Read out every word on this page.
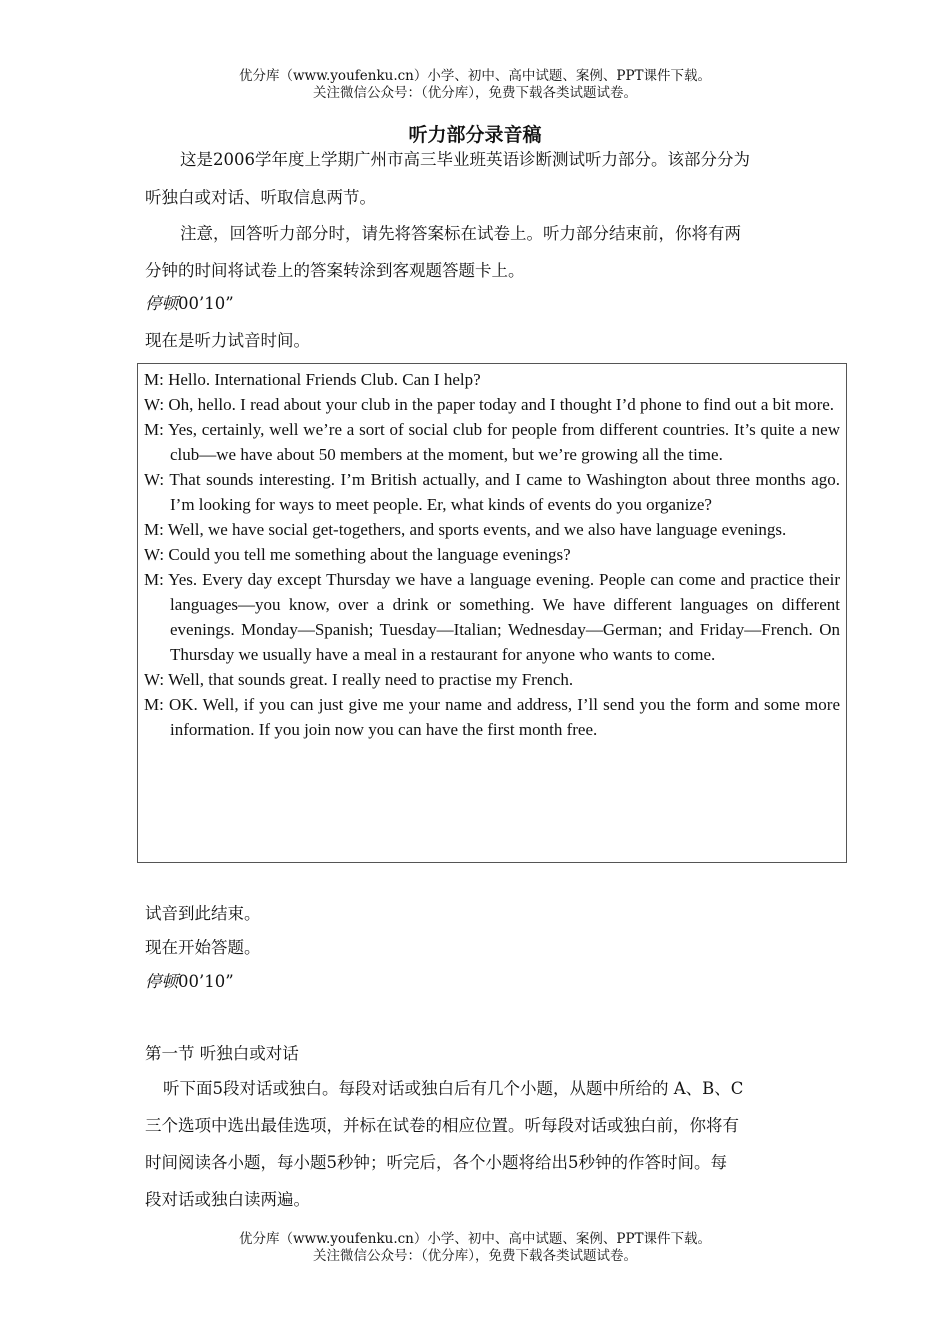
优分库（www.youfenku.cn）小学、初中、高中试题、案例、PPT课件下载。
关注微信公众号：（优分库），免费下载各类试题试卷。
听力部分录音稿
这是2006学年度上学期广州市高三毕业班英语诊断测试听力部分。该部分分为
听独白或对话、听取信息两节。
注意，回答听力部分时，请先将答案标在试卷上。听力部分结束前，你将有两
分钟的时间将试卷上的答案转涂到客观题答题卡上。
停顿00’10”
现在是听力试音时间。
M: Hello. International Friends Club. Can I help?
W: Oh, hello. I read about your club in the paper today and I thought I’d phone to find out a bit more.
M: Yes, certainly, well we’re a sort of social club for people from different countries. It’s quite a new club—we have about 50 members at the moment, but we’re growing all the time.
W: That sounds interesting. I’m British actually, and I came to Washington about three months ago. I’m looking for ways to meet people. Er, what kinds of events do you organize?
M: Well, we have social get-togethers, and sports events, and we also have language evenings.
W: Could you tell me something about the language evenings?
M: Yes. Every day except Thursday we have a language evening. People can come and practice their languages—you know, over a drink or something. We have different languages on different evenings. Monday—Spanish; Tuesday—Italian; Wednesday—German; and Friday—French. On Thursday we usually have a meal in a restaurant for anyone who wants to come.
W: Well, that sounds great. I really need to practise my French.
M: OK. Well, if you can just give me your name and address, I’ll send you the form and some more information. If you join now you can have the first month free.
试音到此结束。
现在开始答题。
停顿00’10”
第一节 听独白或对话
听下面5段对话或独白。每段对话或独白后有几个小题，从题中所给的 A、B、C
三个选项中选出最佳选项，并标在试卷的相应位置。听每段对话或独白前，你将有
时间阅读各小题，每小题5秒钟；听完后，各个小题将给出5秒钟的作答时间。每
段对话或独白读两遍。
优分库（www.youfenku.cn）小学、初中、高中试题、案例、PPT课件下载。
关注微信公众号：（优分库），免费下载各类试题试卷。
